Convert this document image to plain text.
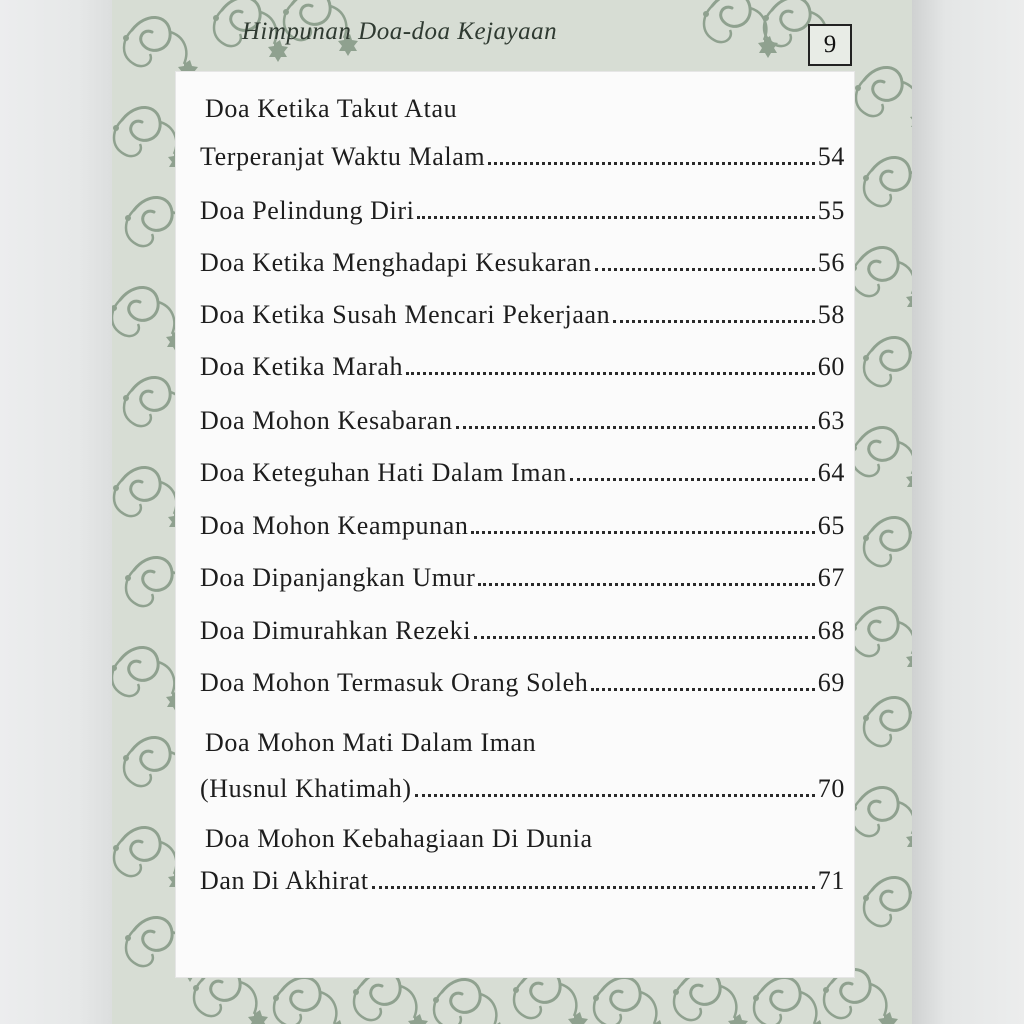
Himpunan Doa-doa Kejayaan	9
Doa Ketika Takut Atau
Terperanjat Waktu Malam	54
Doa Pelindung Diri	55
Doa Ketika Menghadapi Kesukaran	56
Doa Ketika Susah Mencari Pekerjaan	58
Doa Ketika Marah	60
Doa Mohon Kesabaran	63
Doa Keteguhan Hati Dalam Iman	64
Doa Mohon Keampunan	65
Doa Dipanjangkan Umur	67
Doa Dimurahkan Rezeki	68
Doa Mohon Termasuk Orang Soleh	69
Doa Mohon Mati Dalam Iman
(Husnul Khatimah)	70
Doa Mohon Kebahagiaan Di Dunia
Dan Di Akhirat	71
